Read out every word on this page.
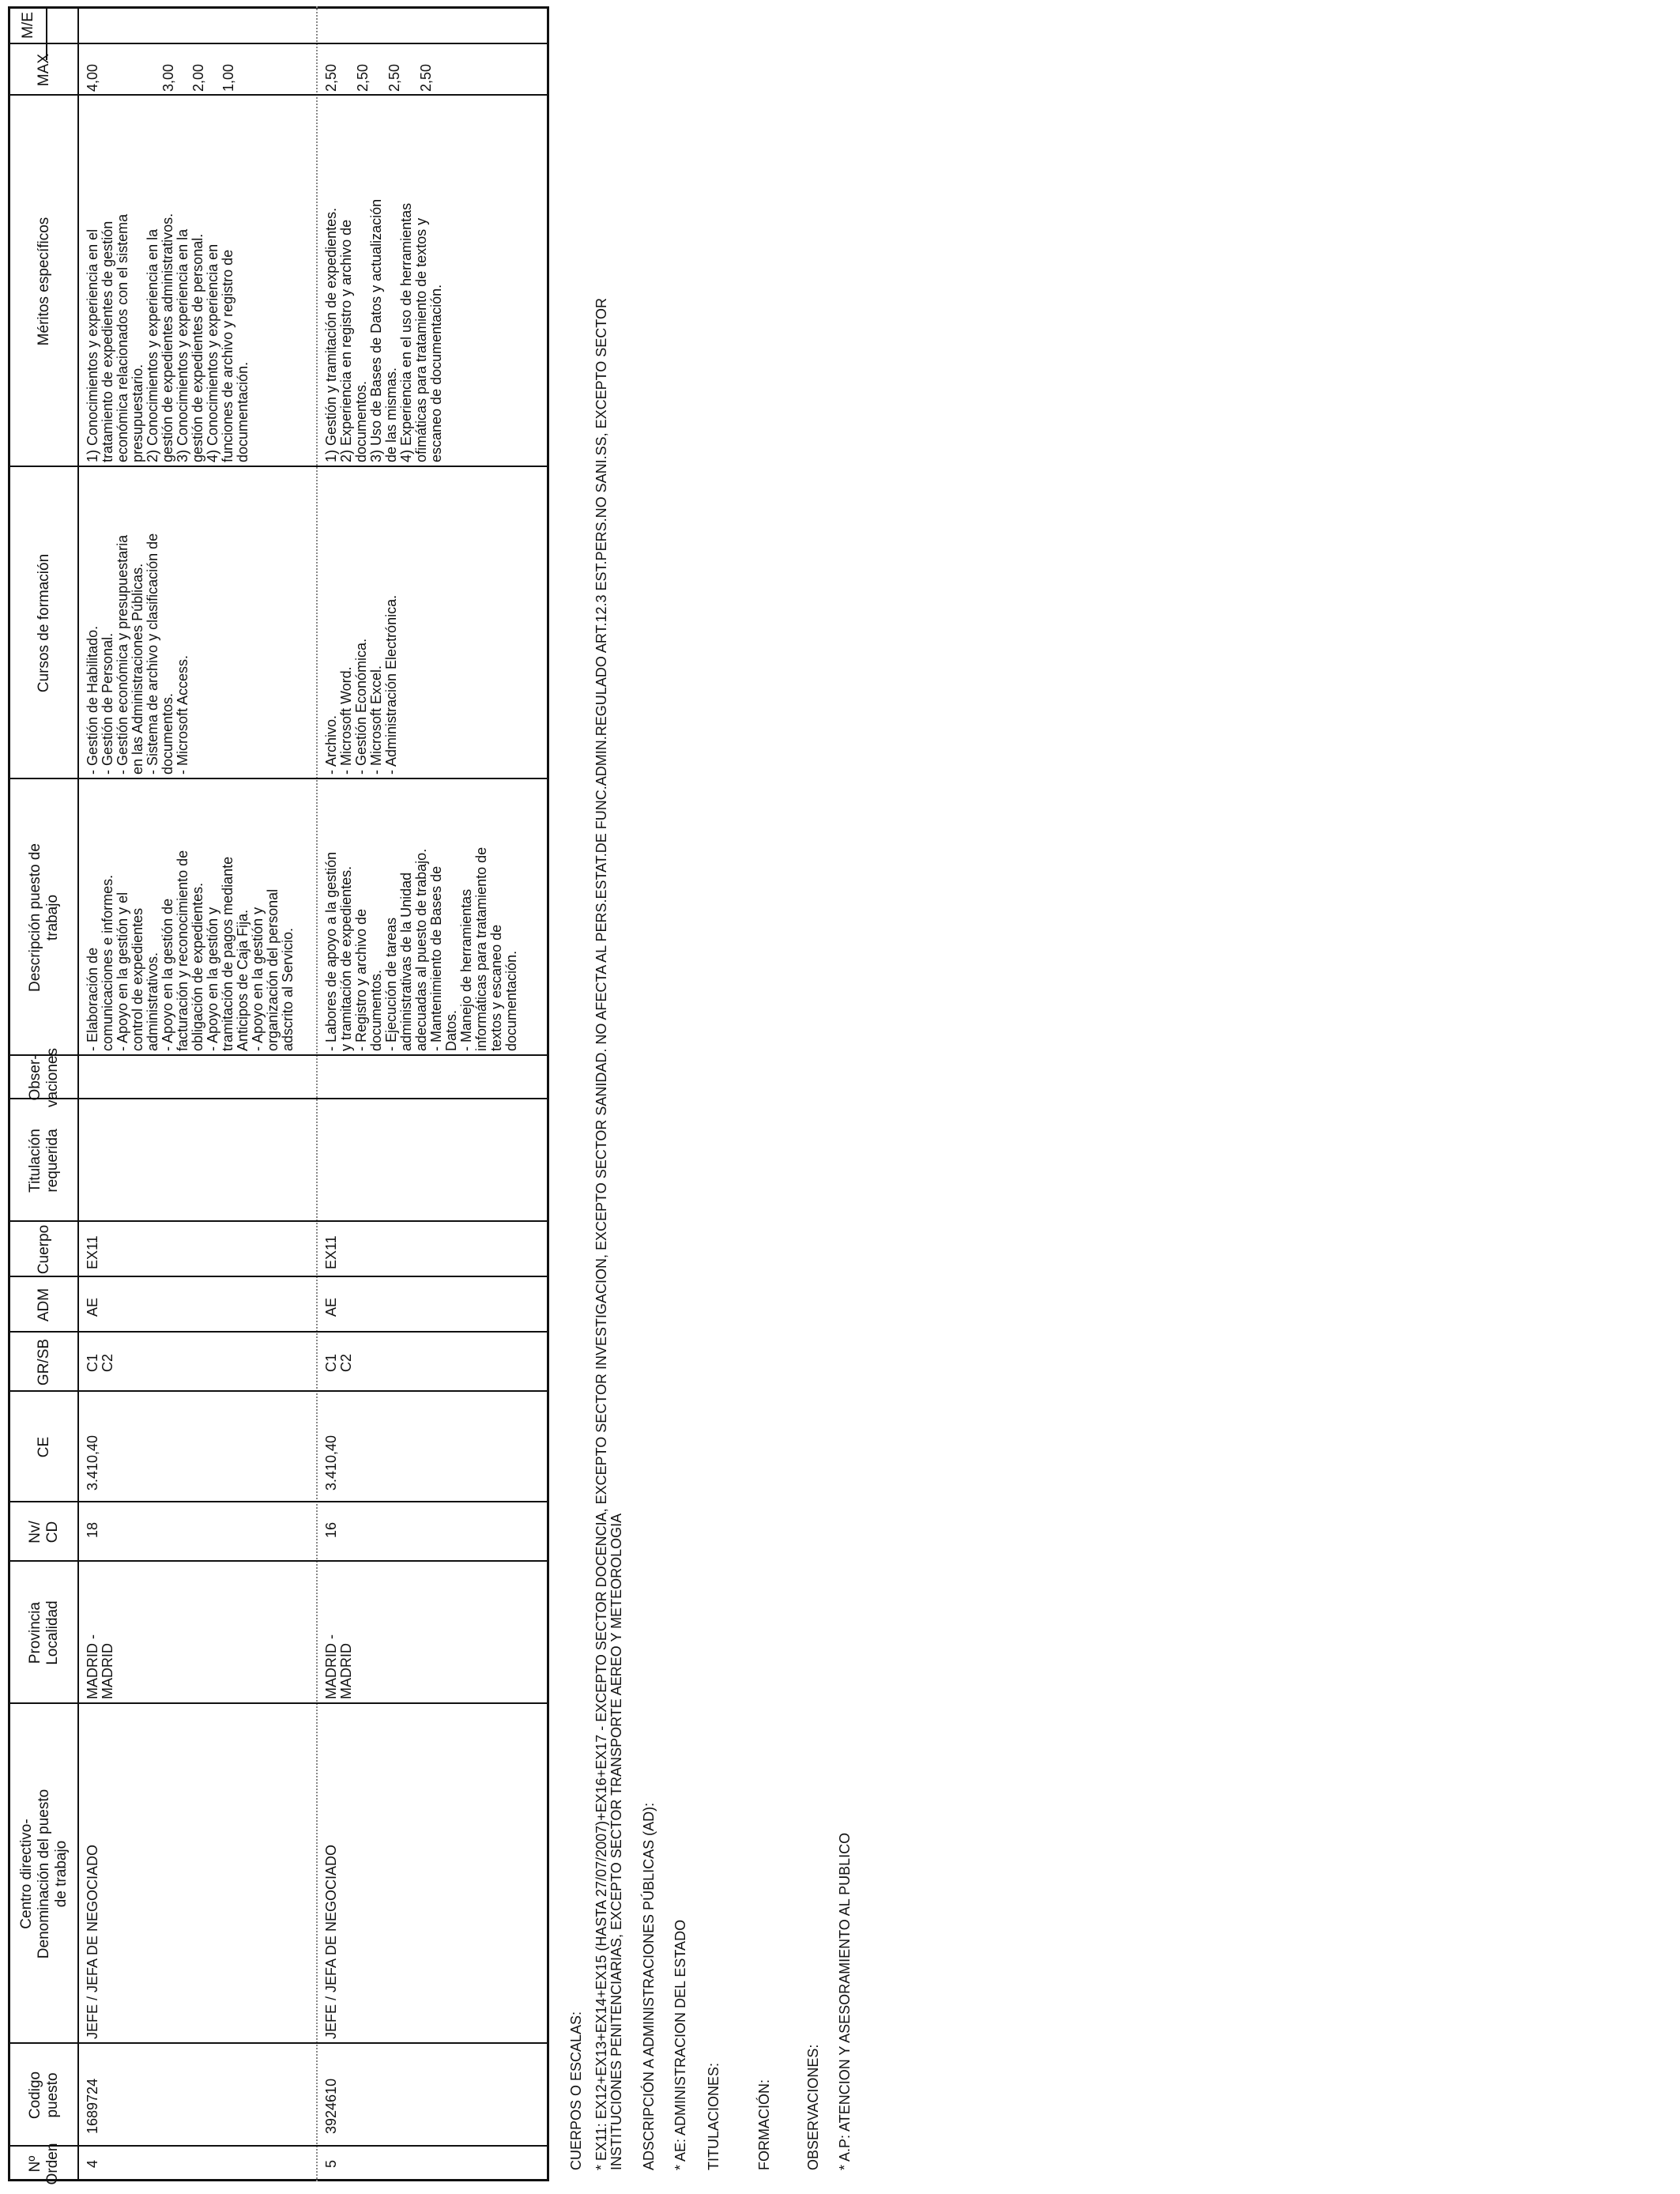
Nº
Orden
Codigo
puesto
Centro directivo-
Denominación del puesto
de trabajo
Provincia
Localidad
Nv/
CD
CE
GR/SB
ADM
Cuerpo
Titulación
requerida
Obser-
vaciones
Descripción puesto de
trabajo
Cursos de formación
Méritos específicos
MAX
M/E
4
1689724
JEFE / JEFA DE NEGOCIADO
MADRID -
MADRID
18
3.410,40
C1
C2
AE
EX11
- Elaboración de
comunicaciones e informes.
- Apoyo en la gestión y el
control de expedientes
administrativos.
- Apoyo en la gestión de
facturación y reconocimiento de
obligación de expedientes.
- Apoyo en la gestión y
tramitación de pagos mediante
Anticipos de Caja Fija.
- Apoyo en la gestión y
organización del personal
adscrito al Servicio.
- Gestión de Habilitado.
- Gestión de Personal.
- Gestión económica y presupuestaria
en las Administraciones Públicas.
- Sistema de archivo y clasificación de
documentos.
- Microsoft Access.
1) Conocimientos y experiencia en el
tratamiento de expedientes de gestión
económica relacionados con el sistema
presupuestario.
2) Conocimientos y experiencia en la
gestión de expedientes administrativos.
3) Conocimientos y experiencia en la
gestión de expedientes de personal.
4) Conocimientos y experiencia en
funciones de archivo y registro de
documentación.
4,00	3,00 2,00 1,00
5
3924610
JEFE / JEFA DE NEGOCIADO
MADRID -
MADRID
16
3.410,40
C1
C2
AE
EX11
- Labores de apoyo a la gestión
y tramitación de expedientes.
- Registro y archivo de
documentos.
- Ejecución de tareas
administrativas de la Unidad
adecuadas al puesto de trabajo.
- Mantenimiento de Bases de
Datos.
- Manejo de herramientas
informáticas para tratamiento de
textos y escaneo de
documentación.
- Archivo.
- Microsoft Word.
- Gestión Económica.
- Microsoft Excel.
- Administración Electrónica.
1) Gestión y tramitación de expedientes.
2) Experiencia en registro y archivo de
documentos.
3) Uso de Bases de Datos y actualización
de las mismas.
4) Experiencia en el uso de herramientas
ofimáticas para tratamiento de textos y
escaneo de documentación.
2,50 2,50 2,50 2,50
CUERPOS O ESCALAS: * EX11: EX12+EX13+EX14+EX15 (HASTA 27/07/2007)+EX16+EX17 - EXCEPTO SECTOR DOCENCIA, EXCEPTO SECTOR INVESTIGACION, EXCEPTO SECTOR SANIDAD. NO AFECTA AL PERS.ESTAT.DE FUNC.ADMIN.REGULADO ART.12.3 EST.PERS.NO SANI.SS, EXCEPTO SECTOR
INSTITUCIONES PENITENCIARIAS, EXCEPTO SECTOR TRANSPORTE AEREO Y METEOROLOGIA
ADSCRIPCIÓN A ADMINISTRACIONES PÚBLICAS (AD): * AE: ADMINISTRACION DEL ESTADO TITULACIONES: FORMACIÓN: OBSERVACIONES: * A.P: ATENCION Y ASESORAMIENTO AL PUBLICO
